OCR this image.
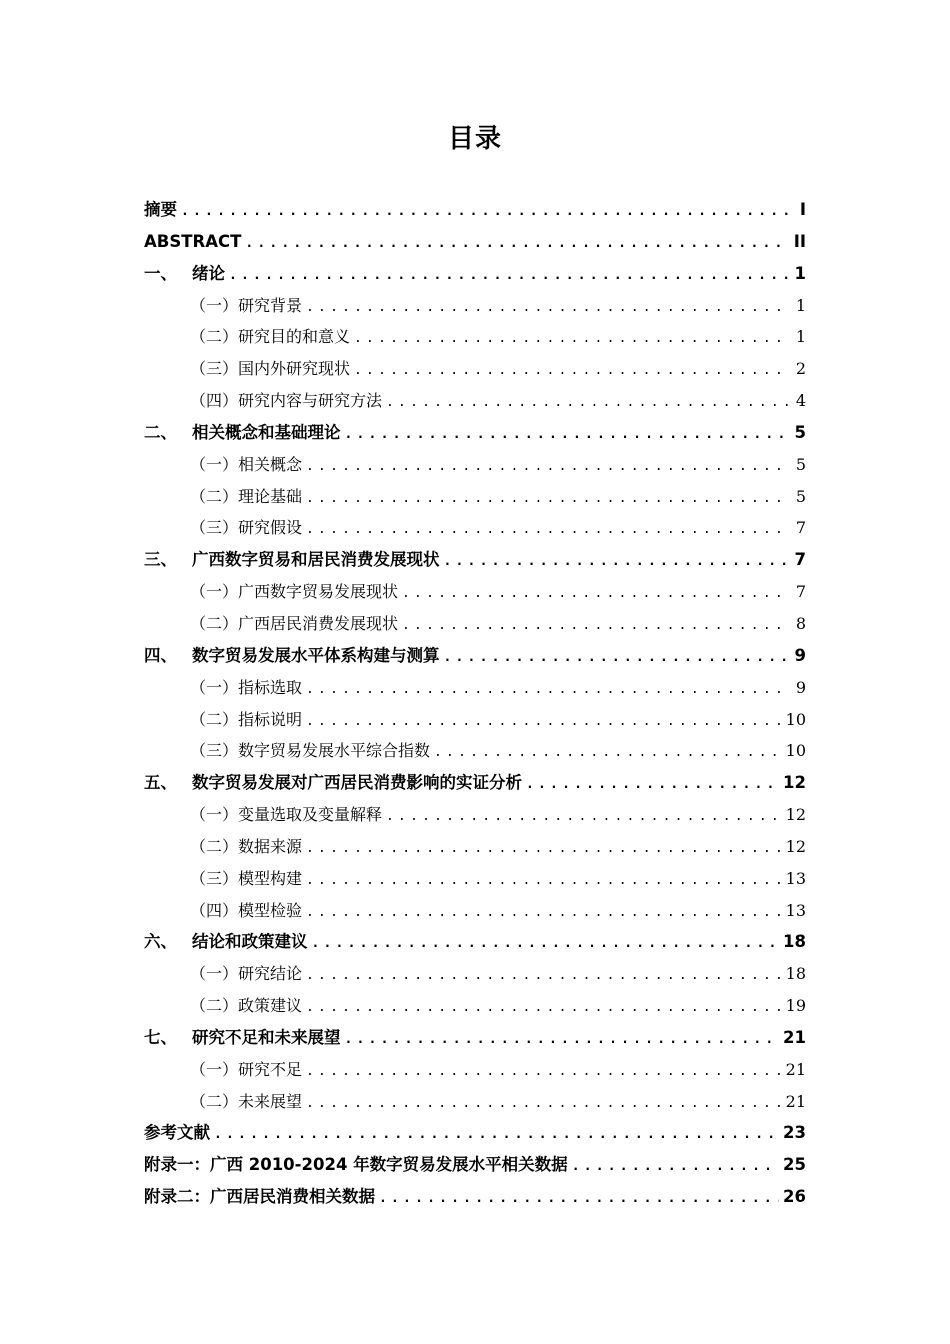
目录
摘要 .....	I
ABSTRACT .....	II
一、 绪论 .....	1
（一）研究背景 .....	1
（二）研究目的和意义 .....	1
（三）国内外研究现状 .....	2
（四）研究内容与研究方法 .....	4
二、 相关概念和基础理论 .....	5
（一）相关概念 .....	5
（二）理论基础 .....	5
（三）研究假设 .....	7
三、 广西数字贸易和居民消费发展现状 .....	7
（一）广西数字贸易发展现状 .....	7
（二）广西居民消费发展现状 .....	8
四、 数字贸易发展水平体系构建与测算 .....	9
（一）指标选取 .....	9
（二）指标说明 .....	10
（三）数字贸易发展水平综合指数 .....	10
五、 数字贸易发展对广西居民消费影响的实证分析 .....	12
（一）变量选取及变量解释 .....	12
（二）数据来源 .....	12
（三）模型构建 .....	13
（四）模型检验 .....	13
六、 结论和政策建议 .....	18
（一）研究结论 .....	18
（二）政策建议 .....	19
七、 研究不足和未来展望 .....	21
（一）研究不足 .....	21
（二）未来展望 .....	21
参考文献 .....	23
附录一：广西 2010-2024 年数字贸易发展水平相关数据 .....	25
附录二：广西居民消费相关数据 .....	26
